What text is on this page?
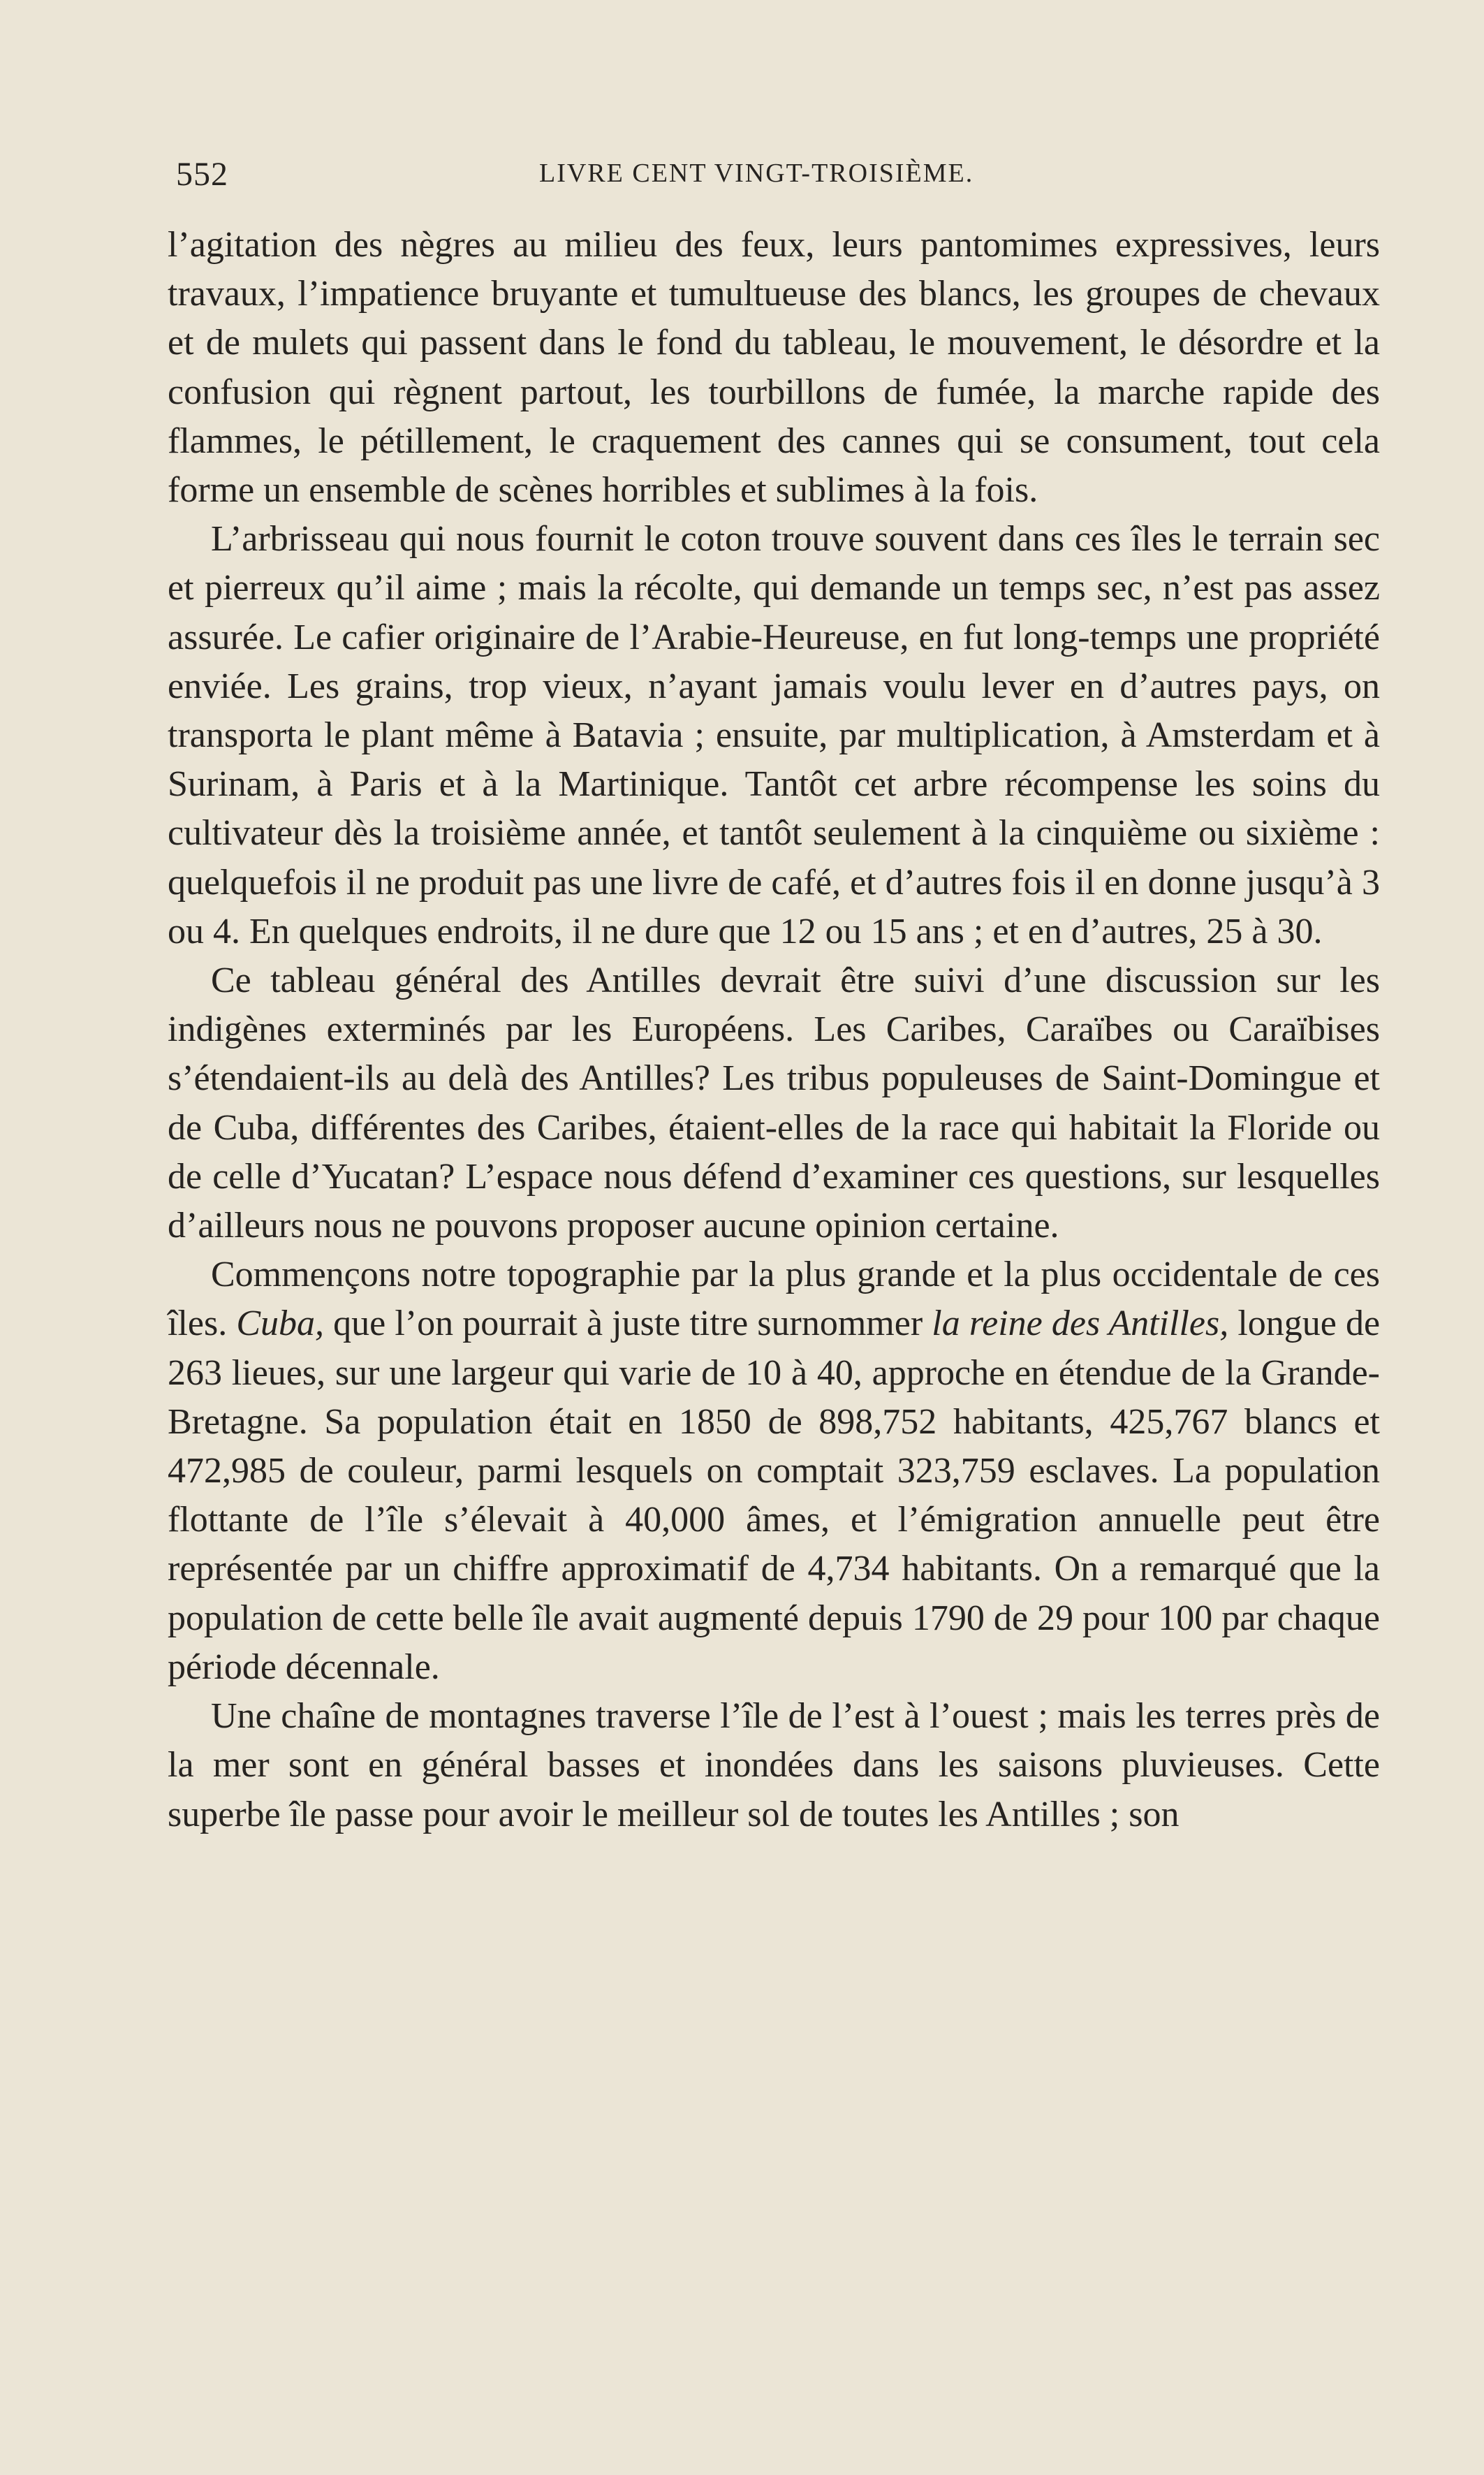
552	LIVRE CENT VINGT-TROISIÈME.

l’agitation des nègres au milieu des feux, leurs pantomimes expressives, leurs travaux, l’impatience bruyante et tumultueuse des blancs, les groupes de chevaux et de mulets qui passent dans le fond du tableau, le mouvement, le désordre et la confusion qui règnent partout, les tourbillons de fumée, la marche rapide des flammes, le pétillement, le craquement des cannes qui se consument, tout cela forme un ensemble de scènes horribles et sublimes à la fois.

L’arbrisseau qui nous fournit le coton trouve souvent dans ces îles le terrain sec et pierreux qu’il aime ; mais la récolte, qui demande un temps sec, n’est pas assez assurée. Le cafier originaire de l’Arabie-Heureuse, en fut long-temps une propriété enviée. Les grains, trop vieux, n’ayant jamais voulu lever en d’autres pays, on transporta le plant même à Batavia ; ensuite, par multiplication, à Amsterdam et à Surinam, à Paris et à la Martinique. Tantôt cet arbre récompense les soins du cultivateur dès la troisième année, et tantôt seulement à la cinquième ou sixième : quelquefois il ne produit pas une livre de café, et d’autres fois il en donne jusqu’à 3 ou 4. En quelques endroits, il ne dure que 12 ou 15 ans ; et en d’autres, 25 à 30.

Ce tableau général des Antilles devrait être suivi d’une discussion sur les indigènes exterminés par les Européens. Les Caribes, Caraïbes ou Caraïbises s’étendaient-ils au delà des Antilles? Les tribus populeuses de Saint-Domingue et de Cuba, différentes des Caribes, étaient-elles de la race qui habitait la Floride ou de celle d’Yucatan? L’espace nous défend d’examiner ces questions, sur lesquelles d’ailleurs nous ne pouvons proposer aucune opinion certaine.

Commençons notre topographie par la plus grande et la plus occidentale de ces îles. Cuba, que l’on pourrait à juste titre surnommer la reine des Antilles, longue de 263 lieues, sur une largeur qui varie de 10 à 40, approche en étendue de la Grande-Bretagne. Sa population était en 1850 de 898,752 habitants, 425,767 blancs et 472,985 de couleur, parmi lesquels on comptait 323,759 esclaves. La population flottante de l’île s’élevait à 40,000 âmes, et l’émigration annuelle peut être représentée par un chiffre approximatif de 4,734 habitants. On a remarqué que la population de cette belle île avait augmenté depuis 1790 de 29 pour 100 par chaque période décennale.

Une chaîne de montagnes traverse l’île de l’est à l’ouest ; mais les terres près de la mer sont en général basses et inondées dans les saisons pluvieuses. Cette superbe île passe pour avoir le meilleur sol de toutes les Antilles ; son
